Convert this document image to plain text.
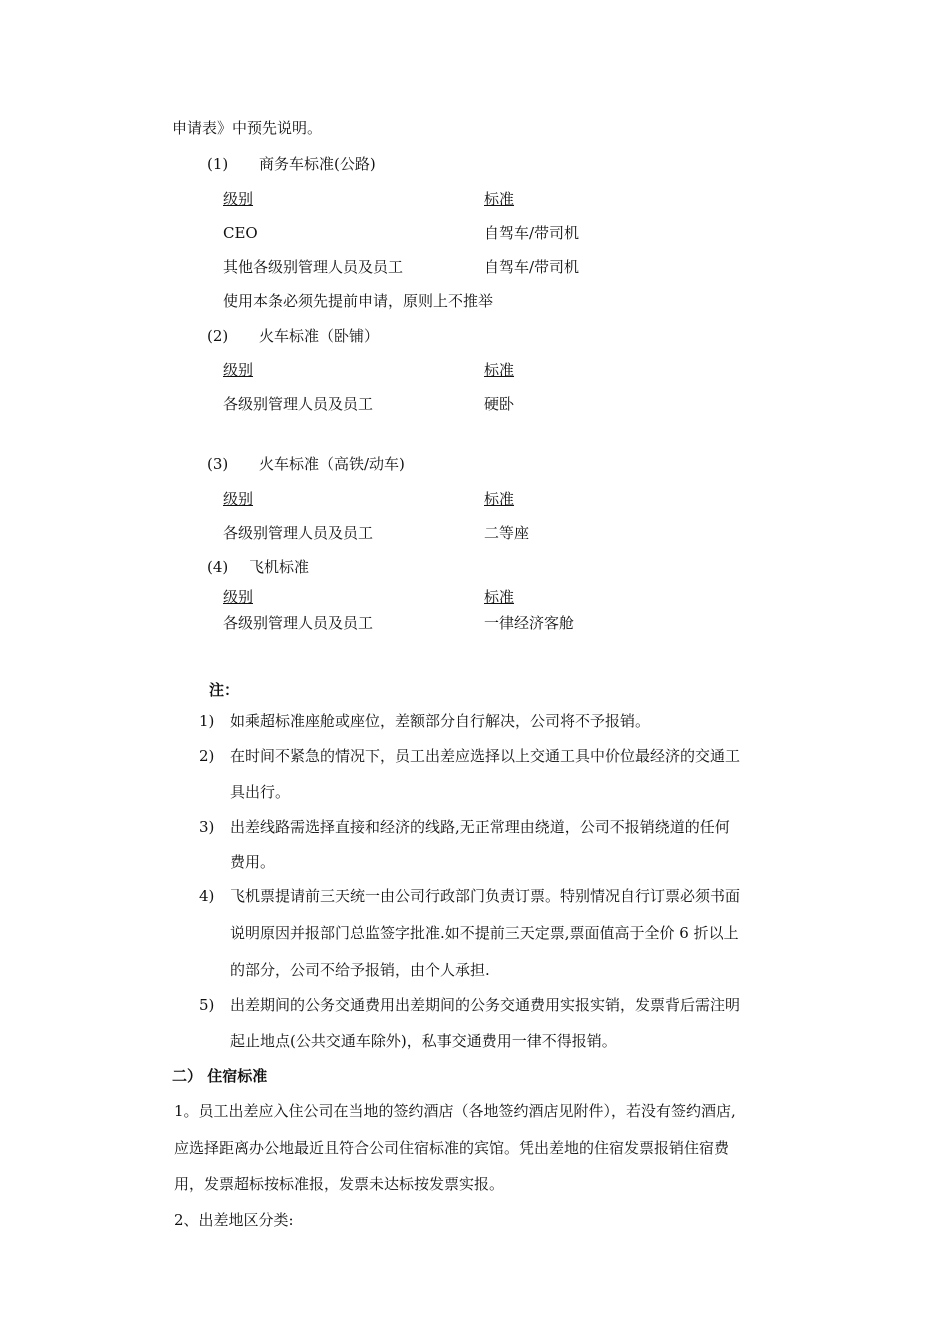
申请表》中预先说明。
(1) 商务车标准(公路)
级别	标准
CEO	自驾车/带司机
其他各级别管理人员及员工	自驾车/带司机
使用本条必须先提前申请，原则上不推举
(2) 火车标准（卧铺）
级别	标准
各级别管理人员及员工	硬卧
(3) 火车标准（高铁/动车)
级别	标准
各级别管理人员及员工	二等座
(4) 飞机标准
级别	标准
各级别管理人员及员工	一律经济客舱
注：
1) 如乘超标准座舱或座位，差额部分自行解决，公司将不予报销。
2) 在时间不紧急的情况下，员工出差应选择以上交通工具中价位最经济的交通工
具出行。
3) 出差线路需选择直接和经济的线路,无正常理由绕道，公司不报销绕道的任何
费用。
4) 飞机票提请前三天统一由公司行政部门负责订票。特别情况自行订票必须书面
说明原因并报部门总监签字批准.如不提前三天定票,票面值高于全价 6 折以上
的部分，公司不给予报销，由个人承担.
5) 出差期间的公务交通费用出差期间的公务交通费用实报实销，发票背后需注明
起止地点(公共交通车除外)，私事交通费用一律不得报销。
二） 住宿标准
1。员工出差应入住公司在当地的签约酒店（各地签约酒店见附件），若没有签约酒店,
应选择距离办公地最近且符合公司住宿标准的宾馆。凭出差地的住宿发票报销住宿费
用，发票超标按标准报，发票未达标按发票实报。
2、出差地区分类:
